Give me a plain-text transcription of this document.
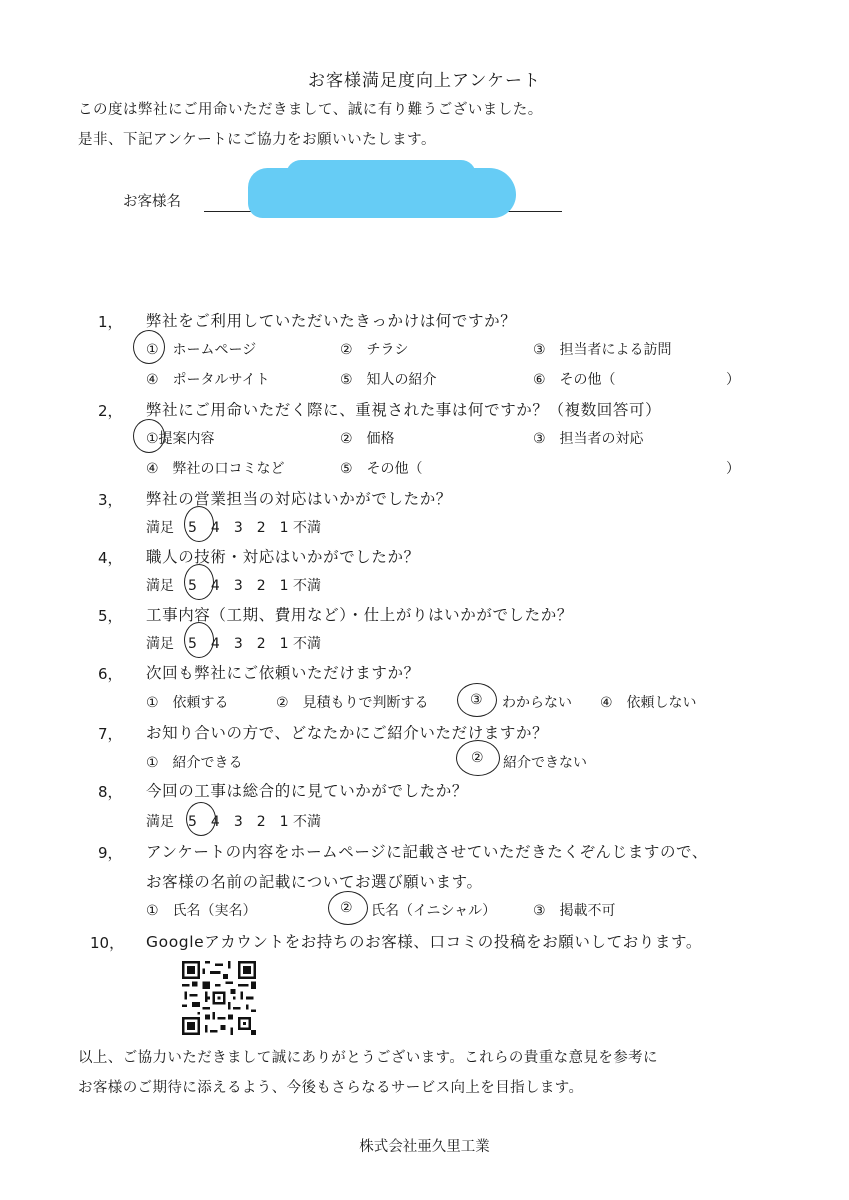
お客様満足度向上アンケート
この度は弊社にご用命いただきまして、誠に有り難うございました。
是非、下記アンケートにご協力をお願いいたします。
お客様名
1， 弊社をご利用していただいたきっかけは何ですか？
①　ホームページ	②　チラシ	③　担当者による訪問
④　ポータルサイト	⑤　知人の紹介	⑥　その他（	）
2， 弊社にご用命いただく際に、重視された事は何ですか？（複数回答可）
①提案内容	②　価格	③　担当者の対応
④　弊社の口コミなど	⑤　その他（	）
3， 弊社の営業担当の対応はいかがでしたか？
満足　5　4　3　2　1 不満
4， 職人の技術・対応はいかがでしたか？
満足　5　4　3　2　1 不満
5， 工事内容（工期、費用など）・仕上がりはいかがでしたか？
満足　5　4　3　2　1 不満
6， 次回も弊社にご依頼いただけますか？
①　依頼する	②　見積もりで判断する	③ わからない ④　依頼しない
7， お知り合いの方で、どなたかにご紹介いただけますか？
①　紹介できる	② 紹介できない
8， 今回の工事は総合的に見ていかがでしたか？
満足　5　4　3　2　1 不満
9， アンケートの内容をホームページに記載させていただきたくぞんじますので、
お客様の名前の記載についてお選び願います。
①　氏名（実名）	② 氏名（イニシャル）	③　掲載不可
10， Googleアカウントをお持ちのお客様、口コミの投稿をお願いしております。
以上、ご協力いただきまして誠にありがとうございます。これらの貴重な意見を参考に
お客様のご期待に添えるよう、今後もさらなるサービス向上を目指します。
株式会社亜久里工業
